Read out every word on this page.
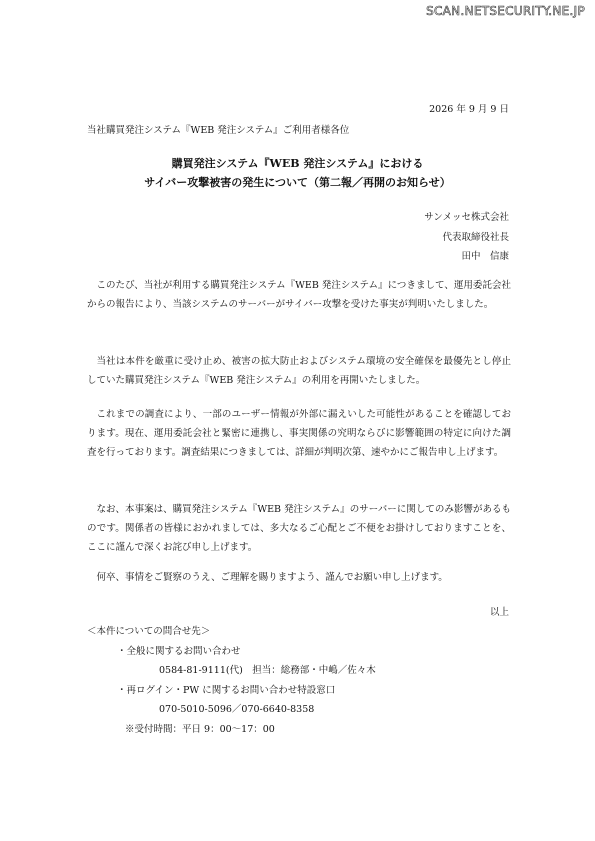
SCAN.NETSECURITY.NE.JP
2026 年 9 月 9 日
当社購買発注システム『WEB 発注システム』ご利用者様各位
購買発注システム『WEB 発注システム』における
サイバー攻撃被害の発生について（第二報／再開のお知らせ）
サンメッセ株式会社
代表取締役社長
田中　信康
このたび、当社が利用する購買発注システム『WEB 発注システム』につきまして、運用委託会社からの報告により、当該システムのサーバーがサイバー攻撃を受けた事実が判明いたしました。
当社は本件を厳重に受け止め、被害の拡大防止およびシステム環境の安全確保を最優先とし停止していた購買発注システム『WEB 発注システム』の利用を再開いたしました。
これまでの調査により、一部のユーザー情報が外部に漏えいした可能性があることを確認しております。現在、運用委託会社と緊密に連携し、事実関係の究明ならびに影響範囲の特定に向けた調査を行っております。調査結果につきましては、詳細が判明次第、速やかにご報告申し上げます。
なお、本事案は、購買発注システム『WEB 発注システム』のサーバーに関してのみ影響があるものです。関係者の皆様におかれましては、多大なるご心配とご不便をお掛けしておりますことを、ここに謹んで深くお詫び申し上げます。
何卒、事情をご賢察のうえ、ご理解を賜りますよう、謹んでお願い申し上げます。
以上
＜本件についての問合せ先＞
・全般に関するお問い合わせ
0584-81-9111(代)　担当：総務部・中嶋／佐々木
・再ログイン・PW に関するお問い合わせ特設窓口
070-5010-5096／070-6640-8358
※受付時間：平日 9：00～17：00
